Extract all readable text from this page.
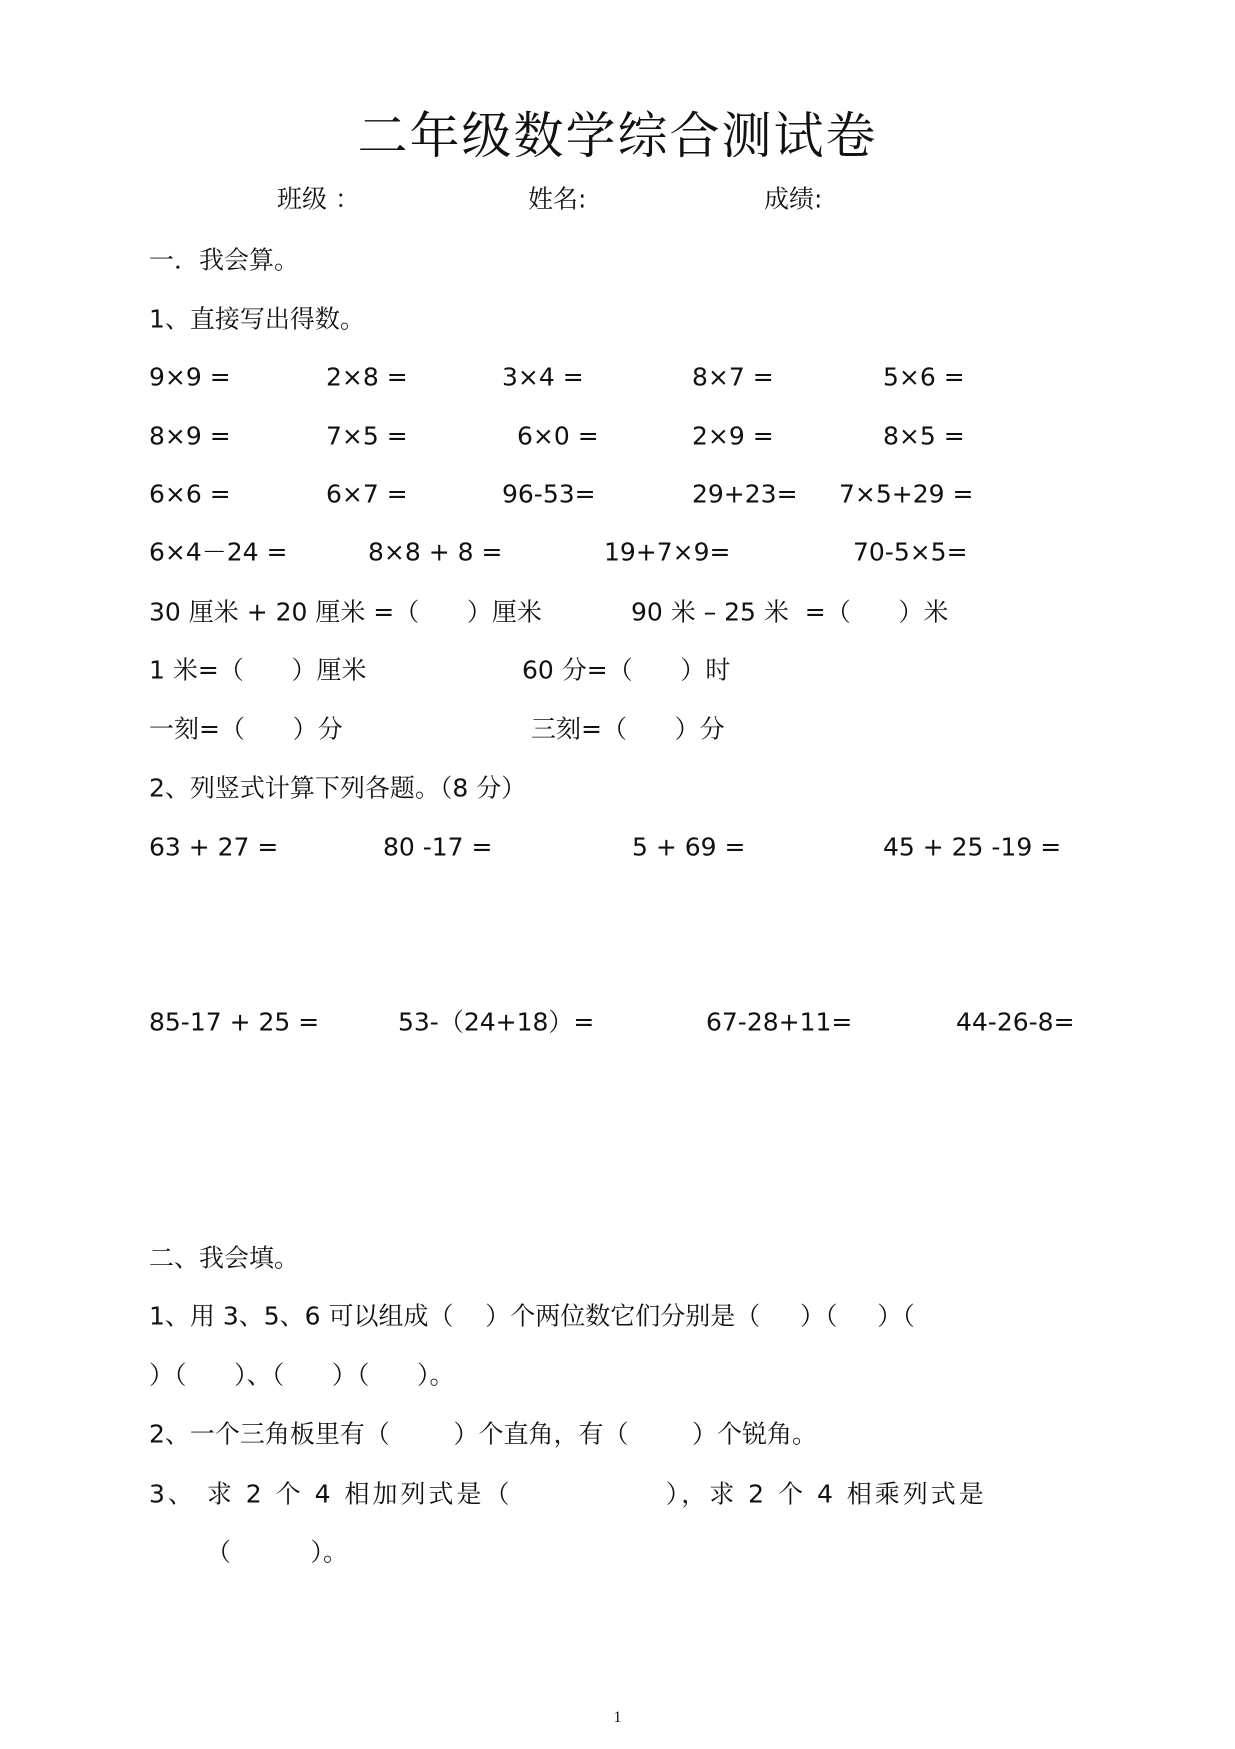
二年级数学综合测试卷
班级 ：	姓名:	成绩:
一．我会算。
1、直接写出得数。
9×9 =	2×8 =	3×4 =	8×7 =	5×6 =
8×9 =	7×5 =	6×0 =	2×9 =	8×5 =
6×6 =	6×7 =	96-53=	29+23= 7×5+29 =
6×4－24 =	8×8 + 8 =	19+7×9=	70-5×5=
30 厘米 + 20 厘米 =（      ）厘米	90 米 – 25 米  =（      ）米
1 米=（      ）厘米	60 分=（      ）时
一刻=（      ）分	三刻=（      ）分
2、列竖式计算下列各题。（8 分）
63 + 27 =	80 -17 =	5 + 69 =	45 + 25 -19 =
85-17 + 25 =	53-（24+18）=	67-28+11=	44-26-8=
二、我会填。
1、用 3、5、6 可以组成（    ）个两位数它们分别是（     ）（     ）（
）（      ）、（      ）（      ）。
2、一个三角板里有（        ）个直角，有（        ）个锐角。
3、 求 2 个 4 相加列式是（              ），求 2 个 4 相乘列式是
（          ）。
1
